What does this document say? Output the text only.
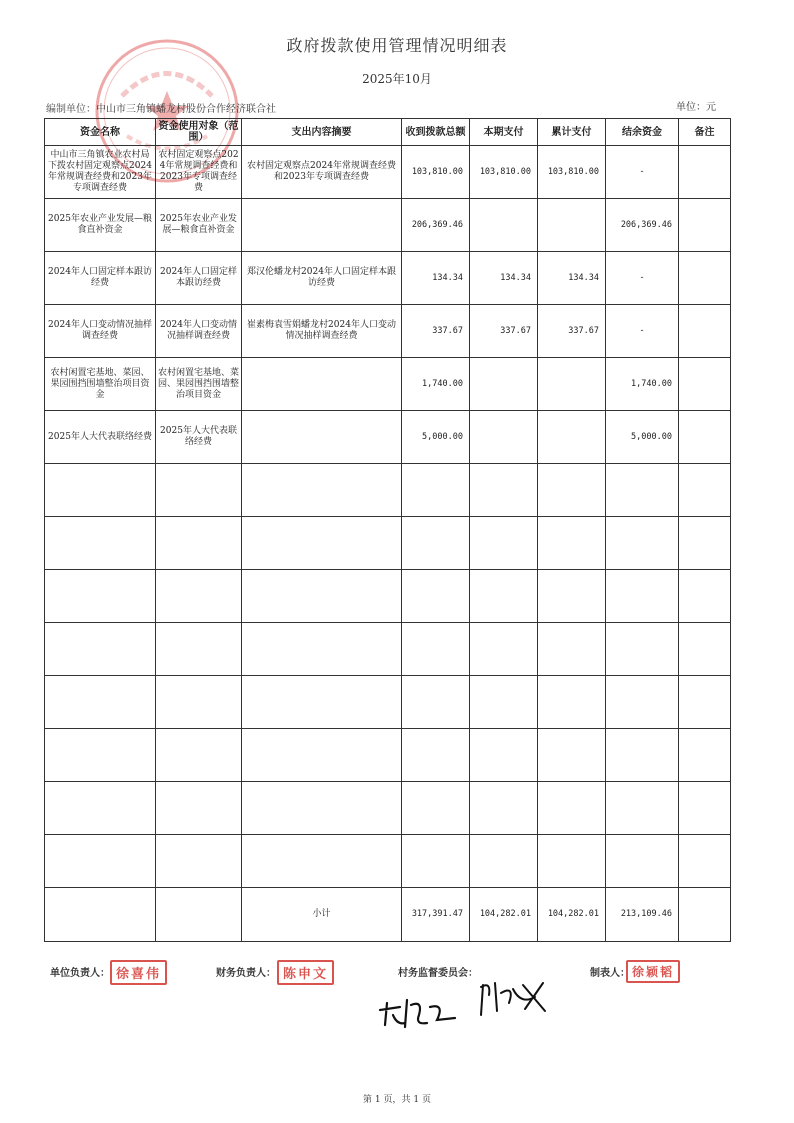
政府拨款使用管理情况明细表
2025年10月
编制单位：中山市三角镇蟠龙村股份合作经济联合社	单位：元
资金名称	资金使用对象（范围）	支出内容摘要	收到拨款总额	本期支付	累计支付	结余资金	备注
中山市三角镇农业农村局下拨农村固定观察点2024年常规调查经费和2023年专项调查经费	农村固定观察点2024年常规调查经费和2023年专项调查经费	农村固定观察点2024年常规调查经费和2023年专项调查经费	103,810.00	103,810.00	103,810.00	-	
2025年农业产业发展—粮食直补资金	2025年农业产业发展—粮食直补资金		206,369.46			206,369.46	
2024年人口固定样本跟访经费	2024年人口固定样本跟访经费	郑汉伦蟠龙村2024年人口固定样本跟访经费	134.34	134.34	134.34	-	
2024年人口变动情况抽样调查经费	2024年人口变动情况抽样调查经费	崔素梅袁雪娟蟠龙村2024年人口变动情况抽样调查经费	337.67	337.67	337.67	-	
农村闲置宅基地、菜园、果园围挡围墙整治项目资金	农村闲置宅基地、菜园、果园围挡围墙整治项目资金		1,740.00			1,740.00	
2025年人大代表联络经费	2025年人大代表联络经费		5,000.00			5,000.00	

		小计	317,391.47	104,282.01	104,282.01	213,109.46	
单位负责人： 徐喜伟	财务负责人： 陈申文	村务监督委员会：	制表人： 徐颖韬
第 1 页，共 1 页
